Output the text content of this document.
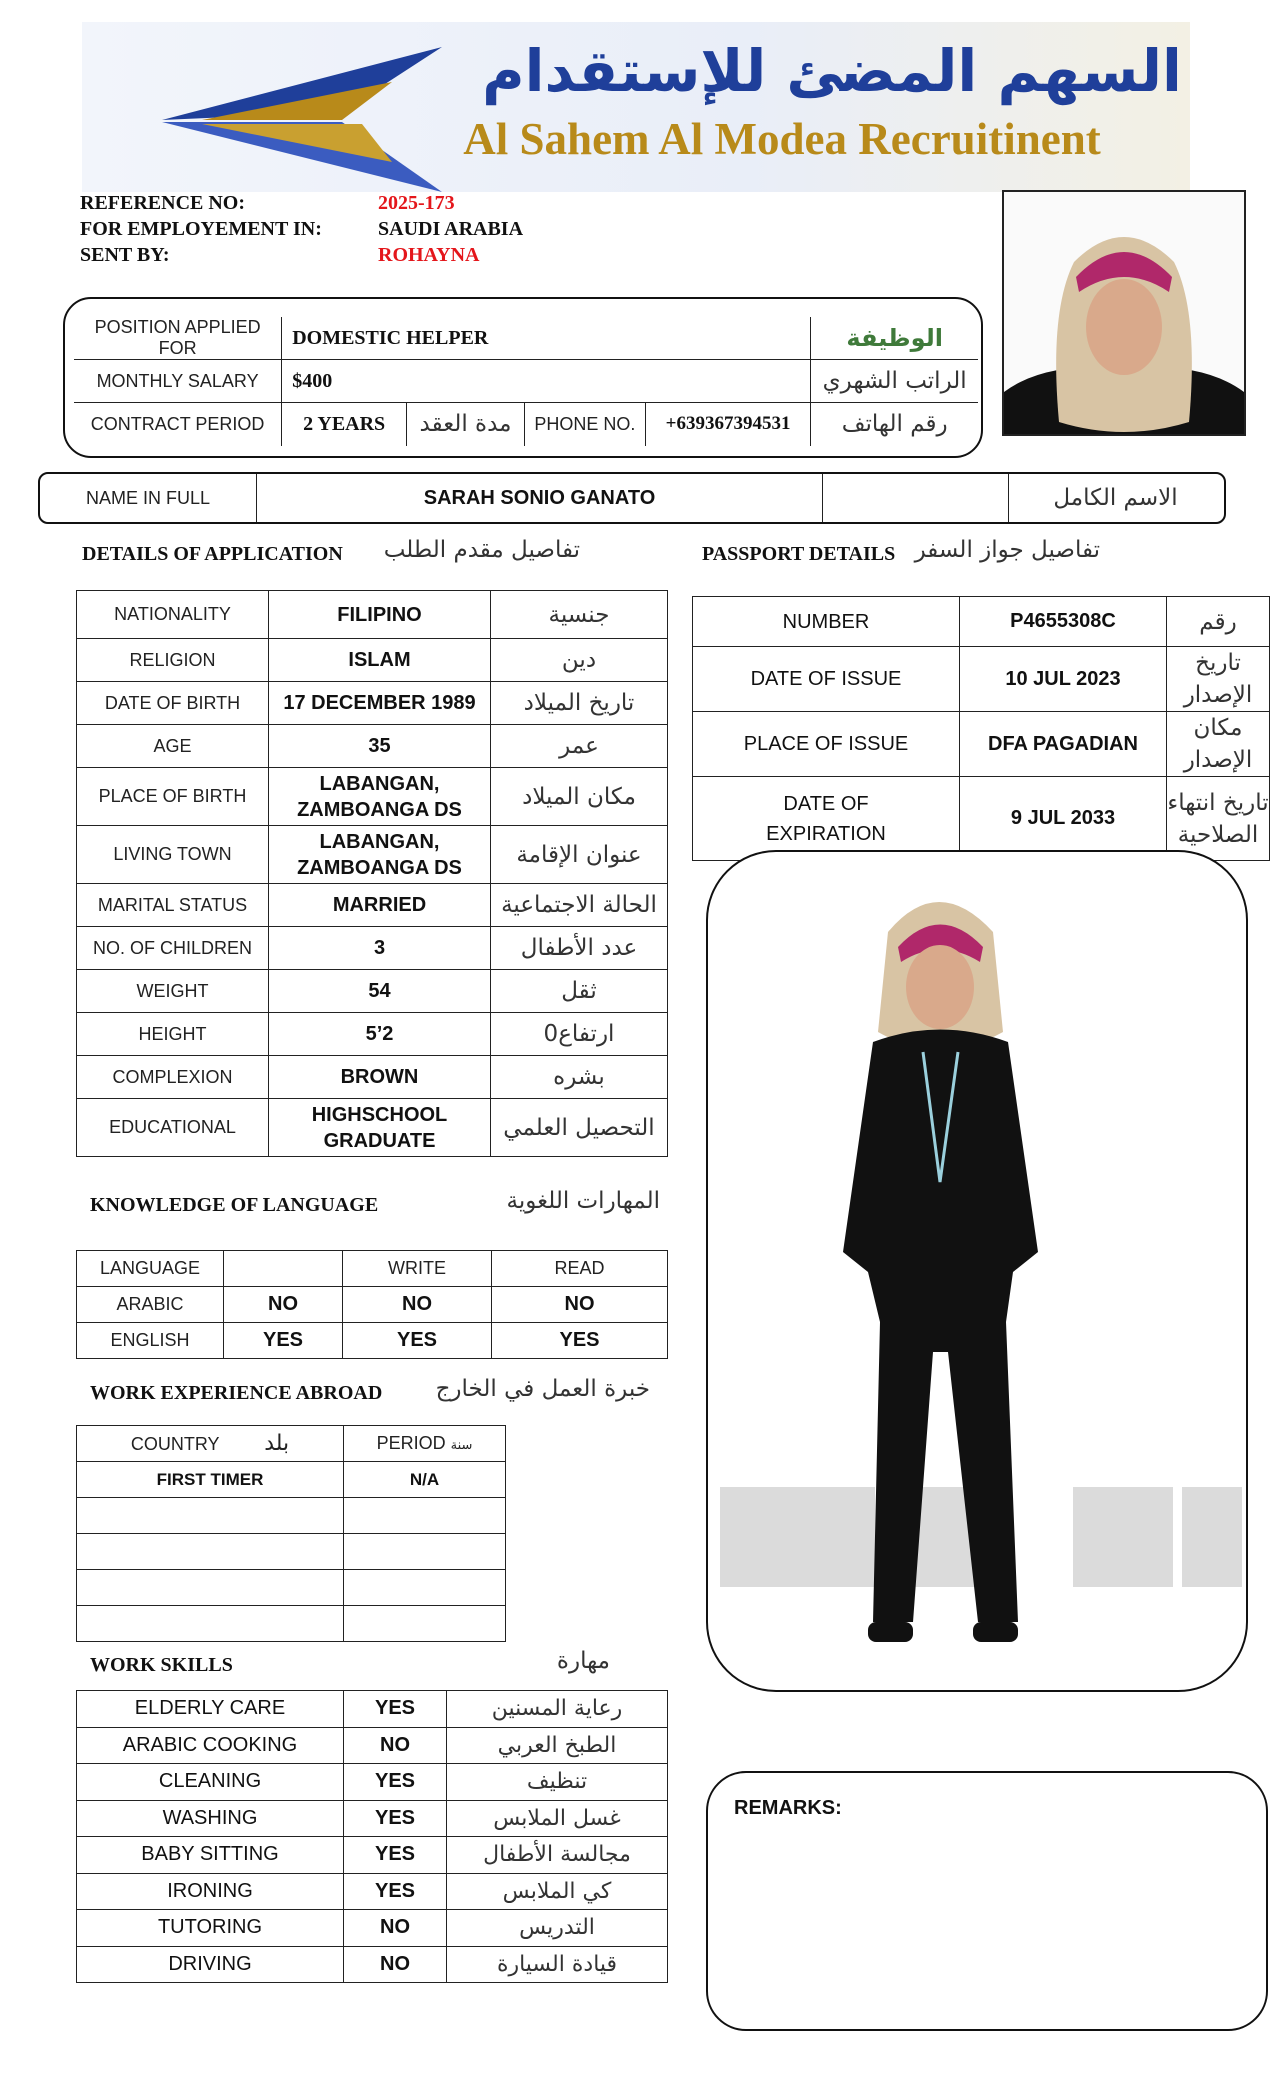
السهم المضئ للإستقدام
Al Sahem Al Modea Recruitinent
REFERENCE NO:	2025-173
FOR EMPLOYEMENT IN:	SAUDI ARABIA
SENT BY:	ROHAYNA
POSITION APPLIED FOR	DOMESTIC HELPER				الوظيفة
MONTHLY SALARY	$400				الراتب الشهري
CONTRACT PERIOD	2 YEARS	مدة العقد	PHONE NO.	+639367394531	رقم الهاتف
NAME IN FULL	SARAH SONIO GANATO		الاسم الكامل
DETAILS OF APPLICATION تفاصيل مقدم الطلب
NATIONALITY	FILIPINO	جنسية
RELIGION	ISLAM	دين
DATE OF BIRTH	17 DECEMBER 1989	تاريخ الميلاد
AGE	35	عمر
PLACE OF BIRTH	LABANGAN, ZAMBOANGA DS	مكان الميلاد
LIVING TOWN	LABANGAN, ZAMBOANGA DS	عنوان الإقامة
MARITAL STATUS	MARRIED	الحالة الاجتماعية
NO. OF CHILDREN	3	عدد الأطفال
WEIGHT	54	ثقل
HEIGHT	5’2	ارتفاع0
COMPLEXION	BROWN	بشره
EDUCATIONAL	HIGHSCHOOL GRADUATE	التحصيل العلمي
PASSPORT DETAILS تفاصيل جواز السفر
NUMBER	P4655308C	رقم
DATE OF ISSUE	10 JUL 2023	تاريخ الإصدار
PLACE OF ISSUE	DFA PAGADIAN	مكان الإصدار
DATE OF EXPIRATION	9 JUL 2033	تاريخ انتهاء الصلاحية
KNOWLEDGE OF LANGUAGE	المهارات اللغوية
LANGUAGE		WRITE	READ
ARABIC	NO	NO	NO
ENGLISH	YES	YES	YES
WORK EXPERIENCE ABROAD	خبرة العمل في الخارج
COUNTRY بلد	PERIOD سنة
FIRST TIMER	N/A

WORK SKILLS	مهارة
ELDERLY CARE	YES	رعاية المسنين
ARABIC COOKING	NO	الطبخ العربي
CLEANING	YES	تنظيف
WASHING	YES	غسل الملابس
BABY SITTING	YES	مجالسة الأطفال
IRONING	YES	كي الملابس
TUTORING	NO	التدريس
DRIVING	NO	قيادة السيارة
REMARKS:
